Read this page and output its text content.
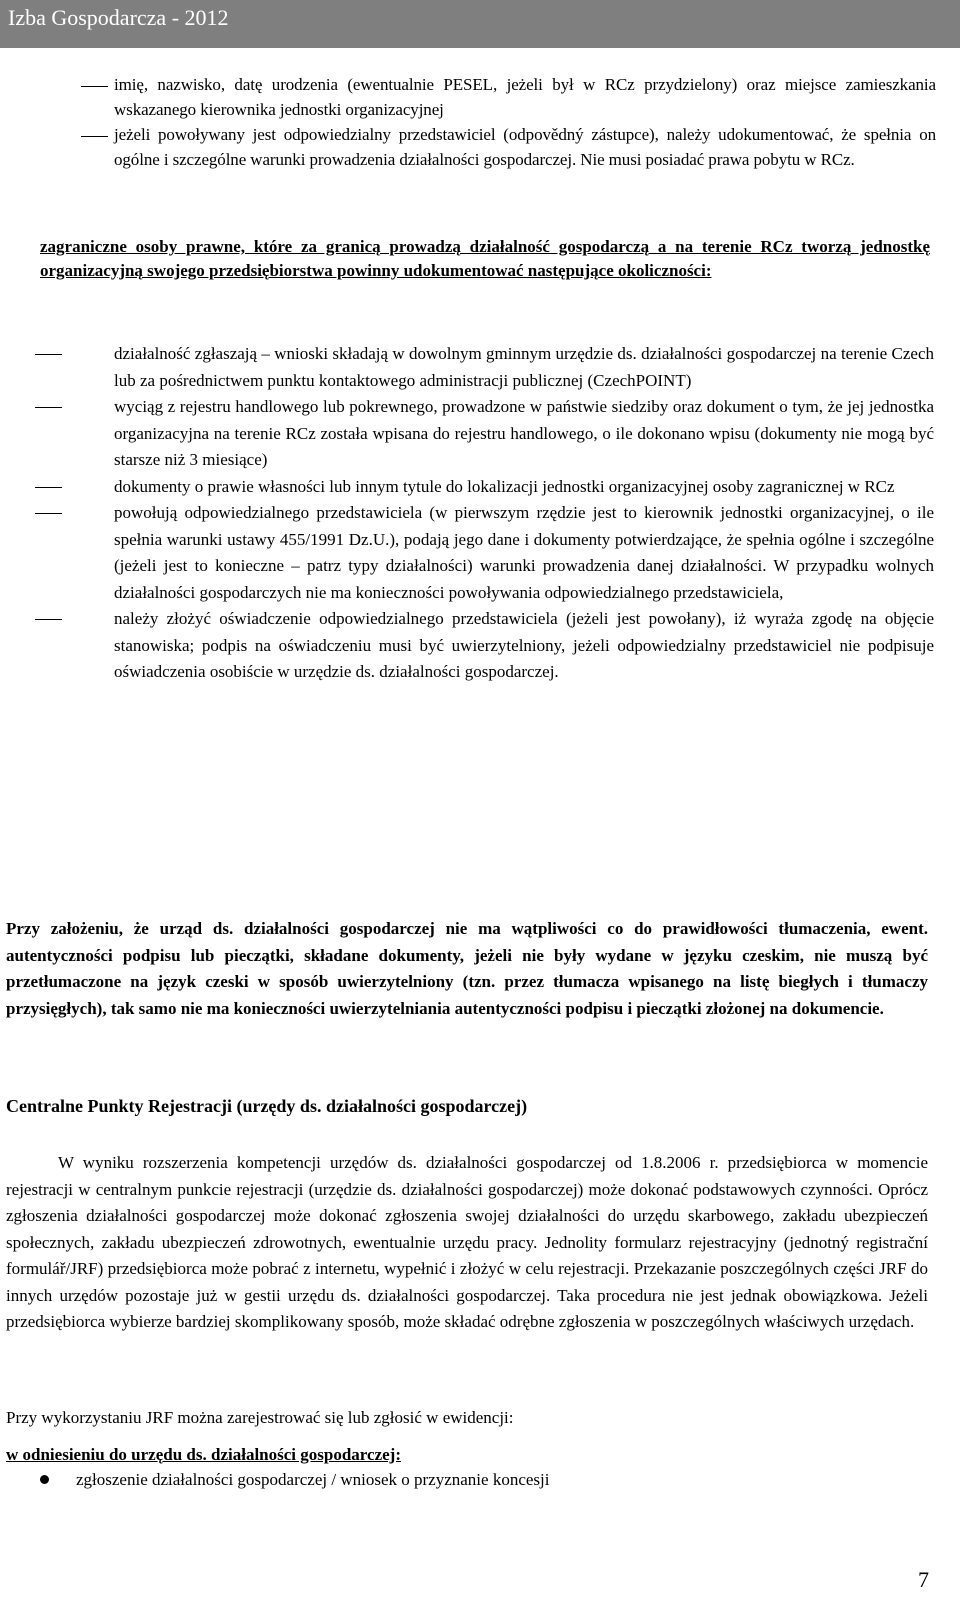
Izba Gospodarcza - 2012
imię, nazwisko, datę urodzenia (ewentualnie PESEL, jeżeli był w RCz przydzielony) oraz miejsce zamieszkania wskazanego kierownika jednostki organizacyjnej
jeżeli powoływany jest odpowiedzialny przedstawiciel (odpovědný zástupce), należy udokumentować, że spełnia on ogólne i szczególne warunki prowadzenia działalności gospodarczej. Nie musi posiadać prawa pobytu w RCz.
zagraniczne osoby prawne, które za granicą prowadzą działalność gospodarczą a na terenie RCz tworzą jednostkę organizacyjną swojego przedsiębiorstwa powinny udokumentować następujące okoliczności:
działalność zgłaszają – wnioski składają w dowolnym gminnym urzędzie ds. działalności gospodarczej na terenie Czech lub za pośrednictwem punktu kontaktowego administracji publicznej (CzechPOINT)
wyciąg z rejestru handlowego lub pokrewnego, prowadzone w państwie siedziby oraz dokument o tym, że jej jednostka organizacyjna na terenie RCz została wpisana do rejestru handlowego, o ile dokonano wpisu (dokumenty nie mogą być starsze niż 3 miesiące)
dokumenty o prawie własności lub innym tytule do lokalizacji jednostki organizacyjnej osoby zagranicznej w RCz
powołują odpowiedzialnego przedstawiciela (w pierwszym rzędzie jest to kierownik jednostki organizacyjnej, o ile spełnia warunki ustawy 455/1991 Dz.U.), podają jego dane i dokumenty potwierdzające, że spełnia ogólne i szczególne (jeżeli jest to konieczne – patrz typy działalności) warunki prowadzenia danej działalności. W przypadku wolnych działalności gospodarczych nie ma konieczności powoływania odpowiedzialnego przedstawiciela,
należy złożyć oświadczenie odpowiedzialnego przedstawiciela (jeżeli jest powołany), iż wyraża zgodę na objęcie stanowiska; podpis na oświadczeniu musi być uwierzytelniony, jeżeli odpowiedzialny przedstawiciel nie podpisuje oświadczenia osobiście w urzędzie ds. działalności gospodarczej.

Przy założeniu, że urząd ds. działalności gospodarczej nie ma wątpliwości co do prawidłowości tłumaczenia, ewent. autentyczności podpisu lub pieczątki, składane dokumenty, jeżeli nie były wydane w języku czeskim, nie muszą być przetłumaczone na język czeski w sposób uwierzytelniony (tzn. przez tłumacza wpisanego na listę biegłych i tłumaczy przysięgłych), tak samo nie ma konieczności uwierzytelniania autentyczności podpisu i pieczątki złożonej na dokumencie.

Centralne Punkty Rejestracji (urzędy ds. działalności gospodarczej)

W wyniku rozszerzenia kompetencji urzędów ds. działalności gospodarczej od 1.8.2006 r. przedsiębiorca w momencie rejestracji w centralnym punkcie rejestracji (urzędzie ds. działalności gospodarczej) może dokonać podstawowych czynności. Oprócz zgłoszenia działalności gospodarczej może dokonać zgłoszenia swojej działalności do urzędu skarbowego, zakładu ubezpieczeń społecznych, zakładu ubezpieczeń zdrowotnych, ewentualnie urzędu pracy. Jednolity formularz rejestracyjny (jednotný registrační formulář/JRF) przedsiębiorca może pobrać z internetu, wypełnić i złożyć w celu rejestracji. Przekazanie poszczególnych części JRF do innych urzędów pozostaje już w gestii urzędu ds. działalności gospodarczej. Taka procedura nie jest jednak obowiązkowa. Jeżeli przedsiębiorca wybierze bardziej skomplikowany sposób, może składać odrębne zgłoszenia w poszczególnych właściwych urzędach.

Przy wykorzystaniu JRF można zarejestrować się lub zgłosić w ewidencji:
w odniesieniu do urzędu ds. działalności gospodarczej:
zgłoszenie działalności gospodarczej / wniosek o przyznanie koncesji
7
